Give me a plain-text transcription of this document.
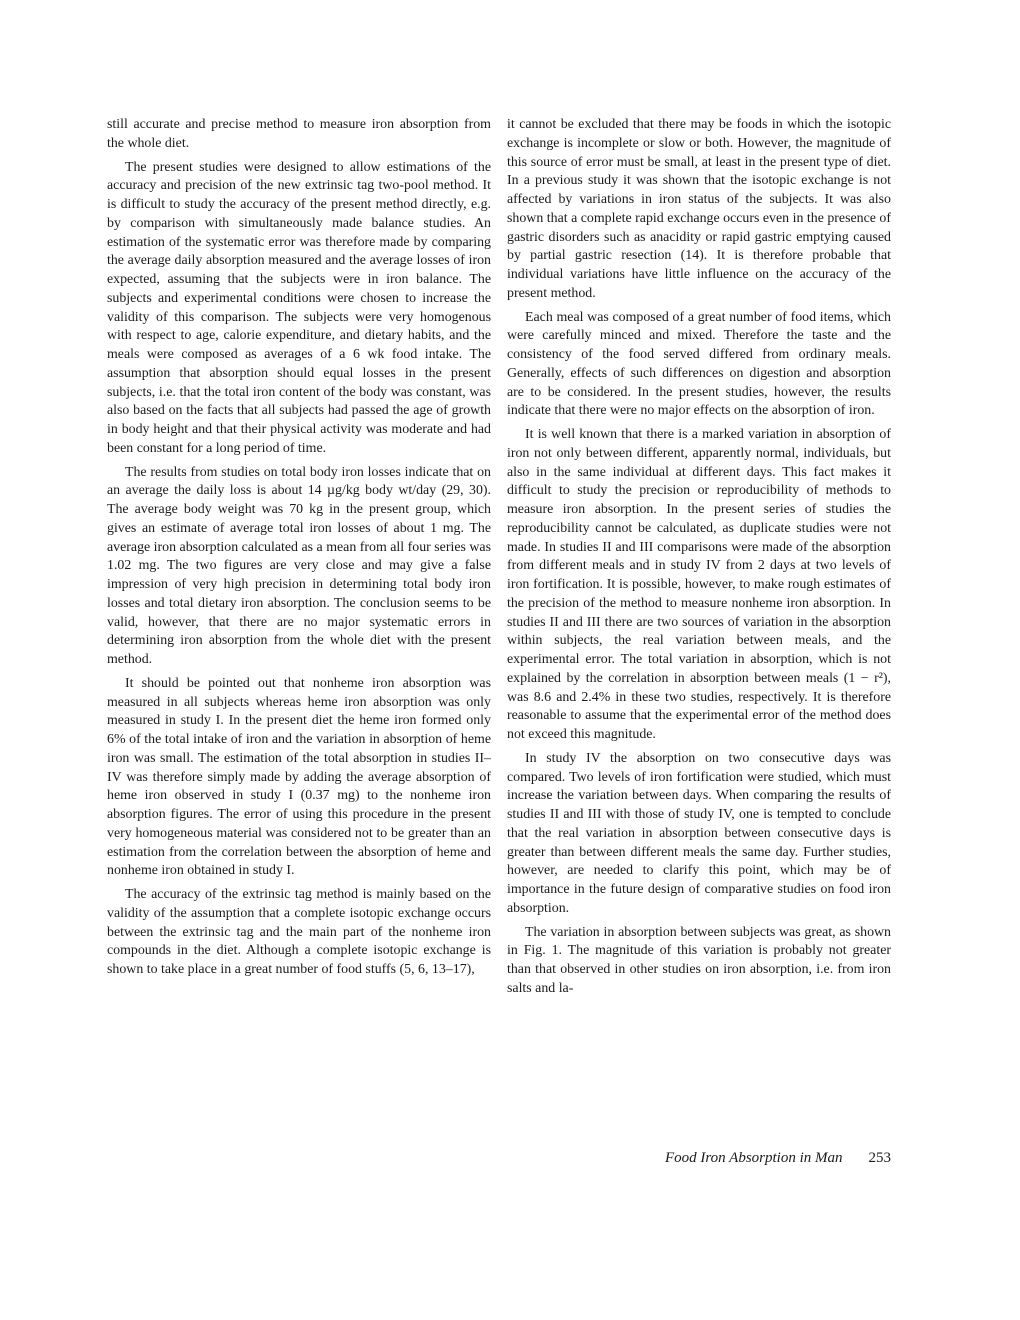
still accurate and precise method to measure iron absorption from the whole diet.

The present studies were designed to allow estimations of the accuracy and precision of the new extrinsic tag two-pool method. It is difficult to study the accuracy of the present method directly, e.g. by comparison with simultaneously made balance studies. An estimation of the systematic error was therefore made by comparing the average daily absorption measured and the average losses of iron expected, assuming that the subjects were in iron balance. The subjects and experimental conditions were chosen to increase the validity of this comparison. The subjects were very homogenous with respect to age, calorie expenditure, and dietary habits, and the meals were composed as averages of a 6 wk food intake. The assumption that absorption should equal losses in the present subjects, i.e. that the total iron content of the body was constant, was also based on the facts that all subjects had passed the age of growth in body height and that their physical activity was moderate and had been constant for a long period of time.

The results from studies on total body iron losses indicate that on an average the daily loss is about 14 µg/kg body wt/day (29, 30). The average body weight was 70 kg in the present group, which gives an estimate of average total iron losses of about 1 mg. The average iron absorption calculated as a mean from all four series was 1.02 mg. The two figures are very close and may give a false impression of very high precision in determining total body iron losses and total dietary iron absorption. The conclusion seems to be valid, however, that there are no major systematic errors in determining iron absorption from the whole diet with the present method.

It should be pointed out that nonheme iron absorption was measured in all subjects whereas heme iron absorption was only measured in study I. In the present diet the heme iron formed only 6% of the total intake of iron and the variation in absorption of heme iron was small. The estimation of the total absorption in studies II–IV was therefore simply made by adding the average absorption of heme iron observed in study I (0.37 mg) to the nonheme iron absorption figures. The error of using this procedure in the present very homogeneous material was considered not to be greater than an estimation from the correlation between the absorption of heme and nonheme iron obtained in study I.

The accuracy of the extrinsic tag method is mainly based on the validity of the assumption that a complete isotopic exchange occurs between the extrinsic tag and the main part of the nonheme iron compounds in the diet. Although a complete isotopic exchange is shown to take place in a great number of food stuffs (5, 6, 13–17),

it cannot be excluded that there may be foods in which the isotopic exchange is incomplete or slow or both. However, the magnitude of this source of error must be small, at least in the present type of diet. In a previous study it was shown that the isotopic exchange is not affected by variations in iron status of the subjects. It was also shown that a complete rapid exchange occurs even in the presence of gastric disorders such as anacidity or rapid gastric emptying caused by partial gastric resection (14). It is therefore probable that individual variations have little influence on the accuracy of the present method.

Each meal was composed of a great number of food items, which were carefully minced and mixed. Therefore the taste and the consistency of the food served differed from ordinary meals. Generally, effects of such differences on digestion and absorption are to be considered. In the present studies, however, the results indicate that there were no major effects on the absorption of iron.

It is well known that there is a marked variation in absorption of iron not only between different, apparently normal, individuals, but also in the same individual at different days. This fact makes it difficult to study the precision or reproducibility of methods to measure iron absorption. In the present series of studies the reproducibility cannot be calculated, as duplicate studies were not made. In studies II and III comparisons were made of the absorption from different meals and in study IV from 2 days at two levels of iron fortification. It is possible, however, to make rough estimates of the precision of the method to measure nonheme iron absorption. In studies II and III there are two sources of variation in the absorption within subjects, the real variation between meals, and the experimental error. The total variation in absorption, which is not explained by the correlation in absorption between meals (1 − r²), was 8.6 and 2.4% in these two studies, respectively. It is therefore reasonable to assume that the experimental error of the method does not exceed this magnitude.

In study IV the absorption on two consecutive days was compared. Two levels of iron fortification were studied, which must increase the variation between days. When comparing the results of studies II and III with those of study IV, one is tempted to conclude that the real variation in absorption between consecutive days is greater than between different meals the same day. Further studies, however, are needed to clarify this point, which may be of importance in the future design of comparative studies on food iron absorption.

The variation in absorption between subjects was great, as shown in Fig. 1. The magnitude of this variation is probably not greater than that observed in other studies on iron absorption, i.e. from iron salts and la-

Food Iron Absorption in Man 253
